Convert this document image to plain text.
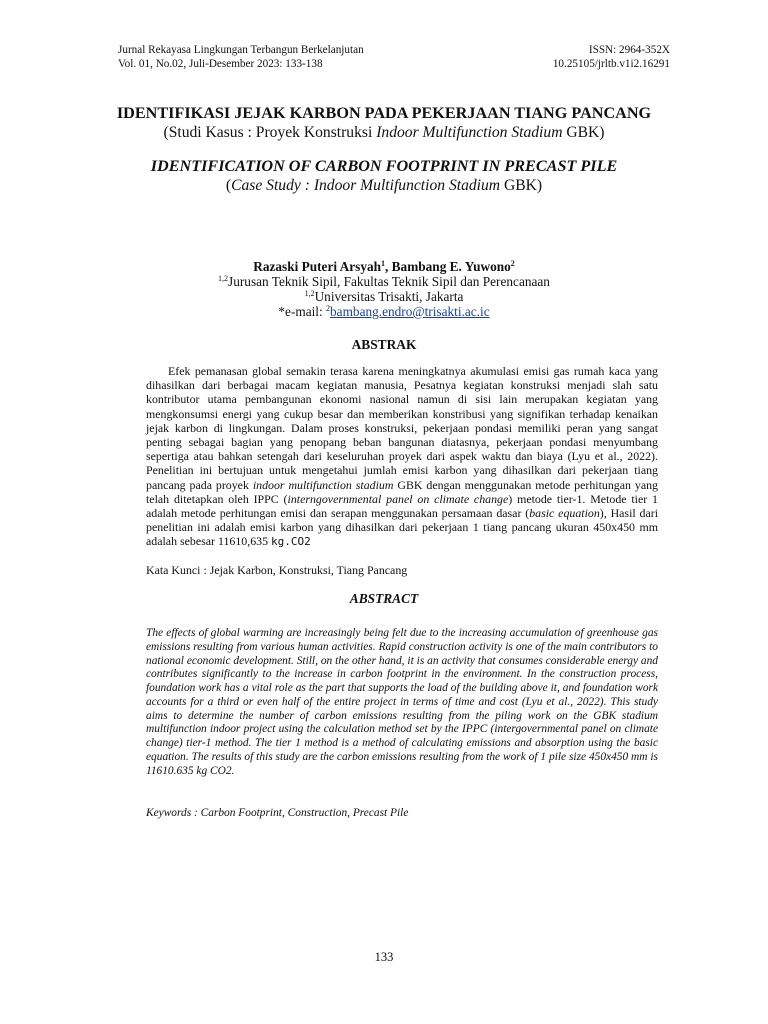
Jurnal Rekayasa Lingkungan Terbangun Berkelanjutan	ISSN: 2964-352X
Vol. 01, No.02, Juli-Desember 2023: 133-138	10.25105/jrltb.v1i2.16291

IDENTIFIKASI JEJAK KARBON PADA PEKERJAAN TIANG PANCANG

(Studi Kasus : Proyek Konstruksi Indoor Multifunction Stadium GBK)

IDENTIFICATION OF CARBON FOOTPRINT IN PRECAST PILE

(Case Study : Indoor Multifunction Stadium GBK)

Razaski Puteri Arsyah$^1$, Bambang E. Yuwono$^2$
$^{1,2}$Jurusan Teknik Sipil, Fakultas Teknik Sipil dan Perencanaan
$^{1,2}$Universitas Trisakti, Jakarta
*e-mail: $^2$bambang.endro@trisakti.ac.ic
ABSTRAK

Efek pemanasan global semakin terasa karena meningkatnya akumulasi emisi gas rumah kaca yang dihasilkan dari berbagai macam kegiatan manusia, Pesatnya kegiatan konstruksi menjadi slah satu kontributor utama pembangunan ekonomi nasional namun di sisi lain merupakan kegiatan yang mengkonsumsi energi yang cukup besar dan memberikan konstribusi yang signifikan terhadap kenaikan jejak karbon di lingkungan. Dalam proses konstruksi, pekerjaan pondasi memiliki peran yang sangat penting sebagai bagian yang penopang beban bangunan diatasnya, pekerjaan pondasi menyumbang sepertiga atau bahkan setengah dari keseluruhan proyek dari aspek waktu dan biaya (Lyu et al., 2022). Penelitian ini bertujuan untuk mengetahui jumlah emisi karbon yang dihasilkan dari pekerjaan tiang pancang pada proyek indoor multifunction stadium GBK dengan menggunakan metode perhitungan yang telah ditetapkan oleh IPPC (interngovernmental panel on climate change) metode tier-1. Metode tier 1 adalah metode perhitungan emisi dan serapan menggunakan persamaan dasar (basic equation), Hasil dari penelitian ini adalah emisi karbon yang dihasilkan dari pekerjaan 1 tiang pancang ukuran 450x450 mm adalah sebesar 11610,635 kg.CO2

Kata Kunci : Jejak Karbon, Konstruksi, Tiang Pancang
ABSTRACT

The effects of global warming are increasingly being felt due to the increasing accumulation of greenhouse gas emissions resulting from various human activities. Rapid construction activity is one of the main contributors to national economic development. Still, on the other hand, it is an activity that consumes considerable energy and contributes significantly to the increase in carbon footprint in the environment. In the construction process, foundation work has a vital role as the part that supports the load of the building above it, and foundation work accounts for a third or even half of the entire project in terms of time and cost (Lyu et al., 2022). This study aims to determine the number of carbon emissions resulting from the piling work on the GBK stadium multifunction indoor project using the calculation method set by the IPPC (intergovernmental panel on climate change) tier-1 method. The tier 1 method is a method of calculating emissions and absorption using the basic equation. The results of this study are the carbon emissions resulting from the work of 1 pile size 450x450 mm is 11610.635 kg CO2.

Keywords : Carbon Footprint, Construction, Precast Pile
133
